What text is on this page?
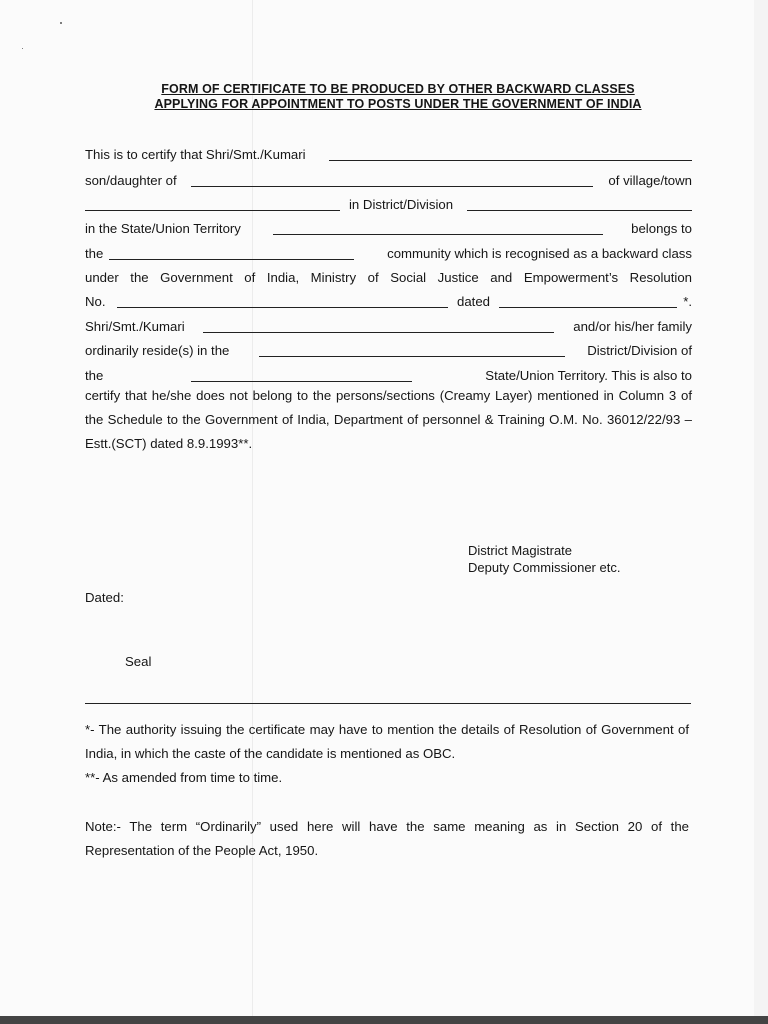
FORM OF CERTIFICATE TO BE PRODUCED BY OTHER BACKWARD CLASSES
APPLYING FOR APPOINTMENT TO POSTS UNDER THE GOVERNMENT OF INDIA
This is to certify that Shri/Smt./Kumari
son/daughter of	of village/town
in District/Division
in the State/Union Territory	belongs to
the	community which is recognised as a backward class
under the Government of India, Ministry of Social Justice and Empowerment’s Resolution
No.	dated	*.
Shri/Smt./Kumari	and/or his/her family
ordinarily reside(s) in the	District/Division of
the	State/Union Territory. This is also to
certify that he/she does not belong to the persons/sections (Creamy Layer) mentioned in Column 3 of the Schedule to the Government of India, Department of personnel & Training O.M. No. 36012/22/93 – Estt.(SCT) dated 8.9.1993**.
District Magistrate
Deputy Commissioner etc.
Dated:
Seal
*- The authority issuing the certificate may have to mention the details of Resolution of Government of India, in which the caste of the candidate is mentioned as OBC.
**- As amended from time to time.
Note:- The term “Ordinarily” used here will have the same meaning as in Section 20 of the Representation of the People Act, 1950.
